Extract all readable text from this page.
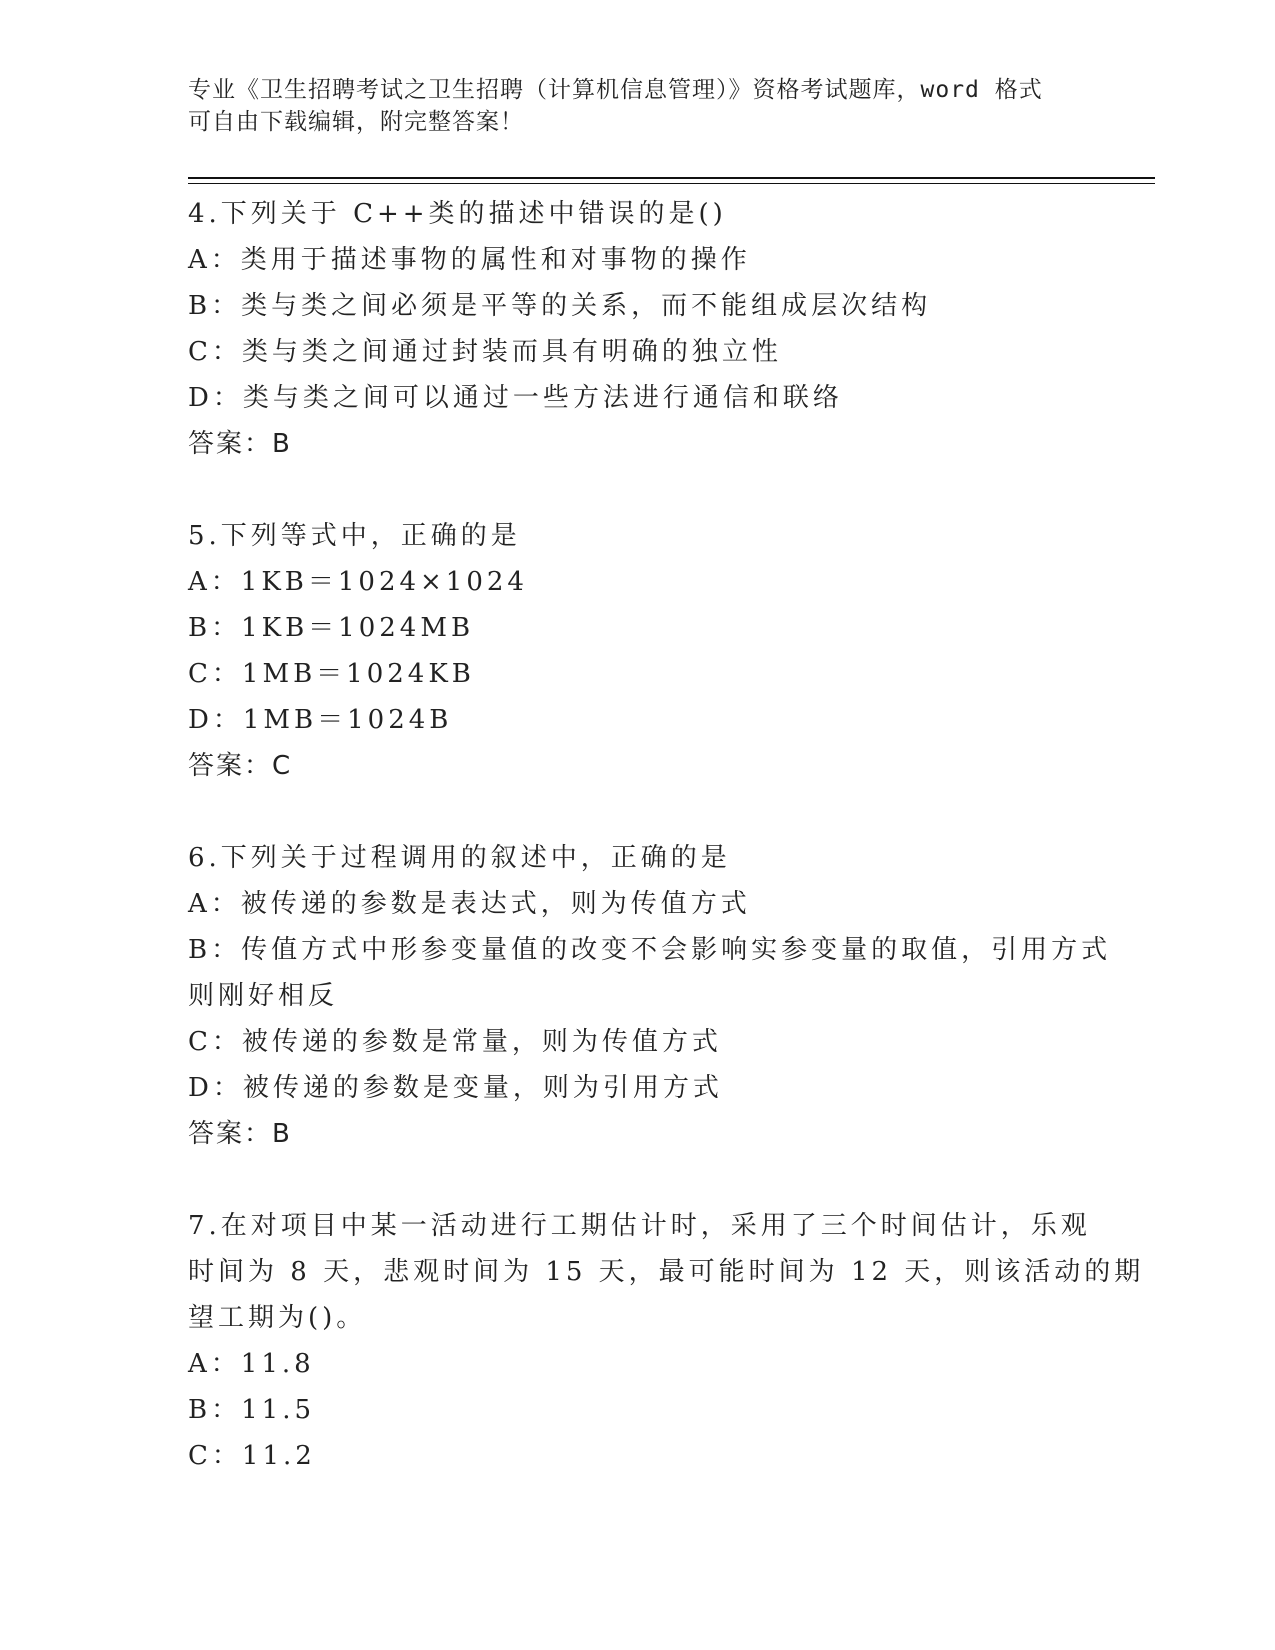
专业《卫生招聘考试之卫生招聘（计算机信息管理）》资格考试题库，word 格式
可自由下载编辑，附完整答案！
4.下列关于 C++类的描述中错误的是()
A：类用于描述事物的属性和对事物的操作
B：类与类之间必须是平等的关系，而不能组成层次结构
C：类与类之间通过封装而具有明确的独立性
D：类与类之间可以通过一些方法进行通信和联络
答案：B
5.下列等式中，正确的是
A：1KB＝1024×1024
B：1KB＝1024MB
C：1MB＝1024KB
D：1MB＝1024B
答案：C
6.下列关于过程调用的叙述中，正确的是
A：被传递的参数是表达式，则为传值方式
B：传值方式中形参变量值的改变不会影响实参变量的取值，引用方式
则刚好相反
C：被传递的参数是常量，则为传值方式
D：被传递的参数是变量，则为引用方式
答案：B
7.在对项目中某一活动进行工期估计时，采用了三个时间估计，乐观
时间为 8 天，悲观时间为 15 天，最可能时间为 12 天，则该活动的期
望工期为()。
A：11.8
B：11.5
C：11.2
